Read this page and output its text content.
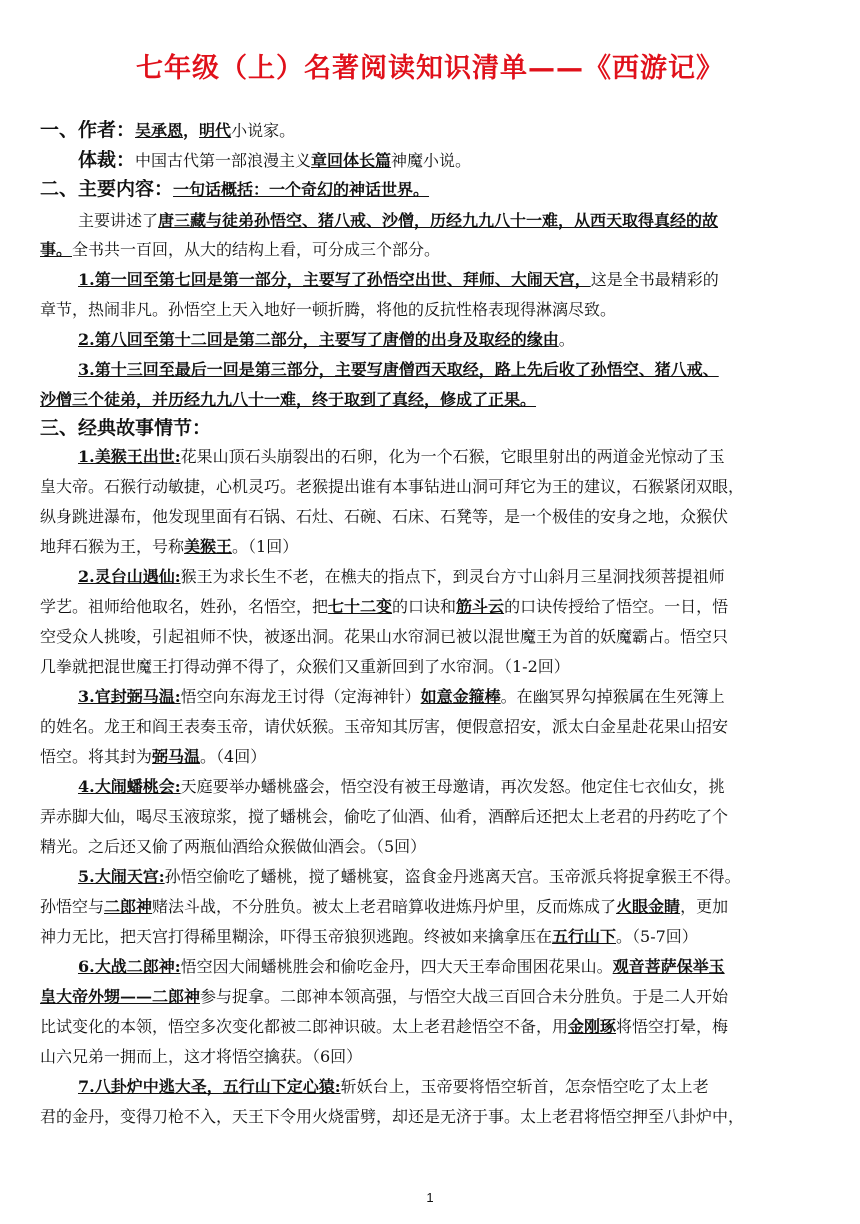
七年级（上）名著阅读知识清单——《西游记》
一、作者：吴承恩，明代小说家。
体裁：中国古代第一部浪漫主义章回体长篇神魔小说。
二、主要内容：一句话概括：一个奇幻的神话世界。
主要讲述了唐三藏与徒弟孙悟空、猪八戒、沙僧，历经九九八十一难，从西天取得真经的故
事。全书共一百回，从大的结构上看，可分成三个部分。
1.第一回至第七回是第一部分，主要写了孙悟空出世、拜师、大闹天宫，这是全书最精彩的
章节，热闹非凡。孙悟空上天入地好一顿折腾，将他的反抗性格表现得淋漓尽致。
2.第八回至第十二回是第二部分，主要写了唐僧的出身及取经的缘由。
3.第十三回至最后一回是第三部分，主要写唐僧西天取经，路上先后收了孙悟空、猪八戒、
沙僧三个徒弟，并历经九九八十一难，终于取到了真经，修成了正果。
三、经典故事情节：
1.美猴王出世:花果山顶石头崩裂出的石卵，化为一个石猴，它眼里射出的两道金光惊动了玉
皇大帝。石猴行动敏捷，心机灵巧。老猴提出谁有本事钻进山洞可拜它为王的建议，石猴紧闭双眼，
纵身跳进瀑布，他发现里面有石锅、石灶、石碗、石床、石凳等，是一个极佳的安身之地，众猴伏
地拜石猴为王，号称美猴王。（1回）
2.灵台山遇仙:猴王为求长生不老，在樵夫的指点下，到灵台方寸山斜月三星洞找须菩提祖师
学艺。祖师给他取名，姓孙，名悟空，把七十二变的口诀和筋斗云的口诀传授给了悟空。一日，悟
空受众人挑唆，引起祖师不快，被逐出洞。花果山水帘洞已被以混世魔王为首的妖魔霸占。悟空只
几拳就把混世魔王打得动弹不得了，众猴们又重新回到了水帘洞。（1-2回）
3.官封弼马温:悟空向东海龙王讨得（定海神针）如意金箍棒。在幽冥界勾掉猴属在生死簿上
的姓名。龙王和阎王表奏玉帝，请伏妖猴。玉帝知其厉害，便假意招安，派太白金星赴花果山招安
悟空。将其封为弼马温。（4回）
4.大闹蟠桃会:天庭要举办蟠桃盛会，悟空没有被王母邀请，再次发怒。他定住七衣仙女，挑
弄赤脚大仙，喝尽玉液琼浆，搅了蟠桃会，偷吃了仙酒、仙肴，酒醉后还把太上老君的丹药吃了个
精光。之后还又偷了两瓶仙酒给众猴做仙酒会。（5回）
5.大闹天宫:孙悟空偷吃了蟠桃，搅了蟠桃宴，盗食金丹逃离天宫。玉帝派兵将捉拿猴王不得。
孙悟空与二郎神赌法斗战，不分胜负。被太上老君暗算收进炼丹炉里，反而炼成了火眼金睛，更加
神力无比，把天宫打得稀里糊涂，吓得玉帝狼狈逃跑。终被如来擒拿压在五行山下。（5-7回）
6.大战二郎神:悟空因大闹蟠桃胜会和偷吃金丹，四大天王奉命围困花果山。观音菩萨保举玉
皇大帝外甥——二郎神参与捉拿。二郎神本领高强，与悟空大战三百回合未分胜负。于是二人开始
比试变化的本领，悟空多次变化都被二郎神识破。太上老君趁悟空不备，用金刚琢将悟空打晕，梅
山六兄弟一拥而上，这才将悟空擒获。（6回）
7.八卦炉中逃大圣，五行山下定心猿:斩妖台上，玉帝要将悟空斩首，怎奈悟空吃了太上老
君的金丹，变得刀枪不入，天王下令用火烧雷劈，却还是无济于事。太上老君将悟空押至八卦炉中，
1
